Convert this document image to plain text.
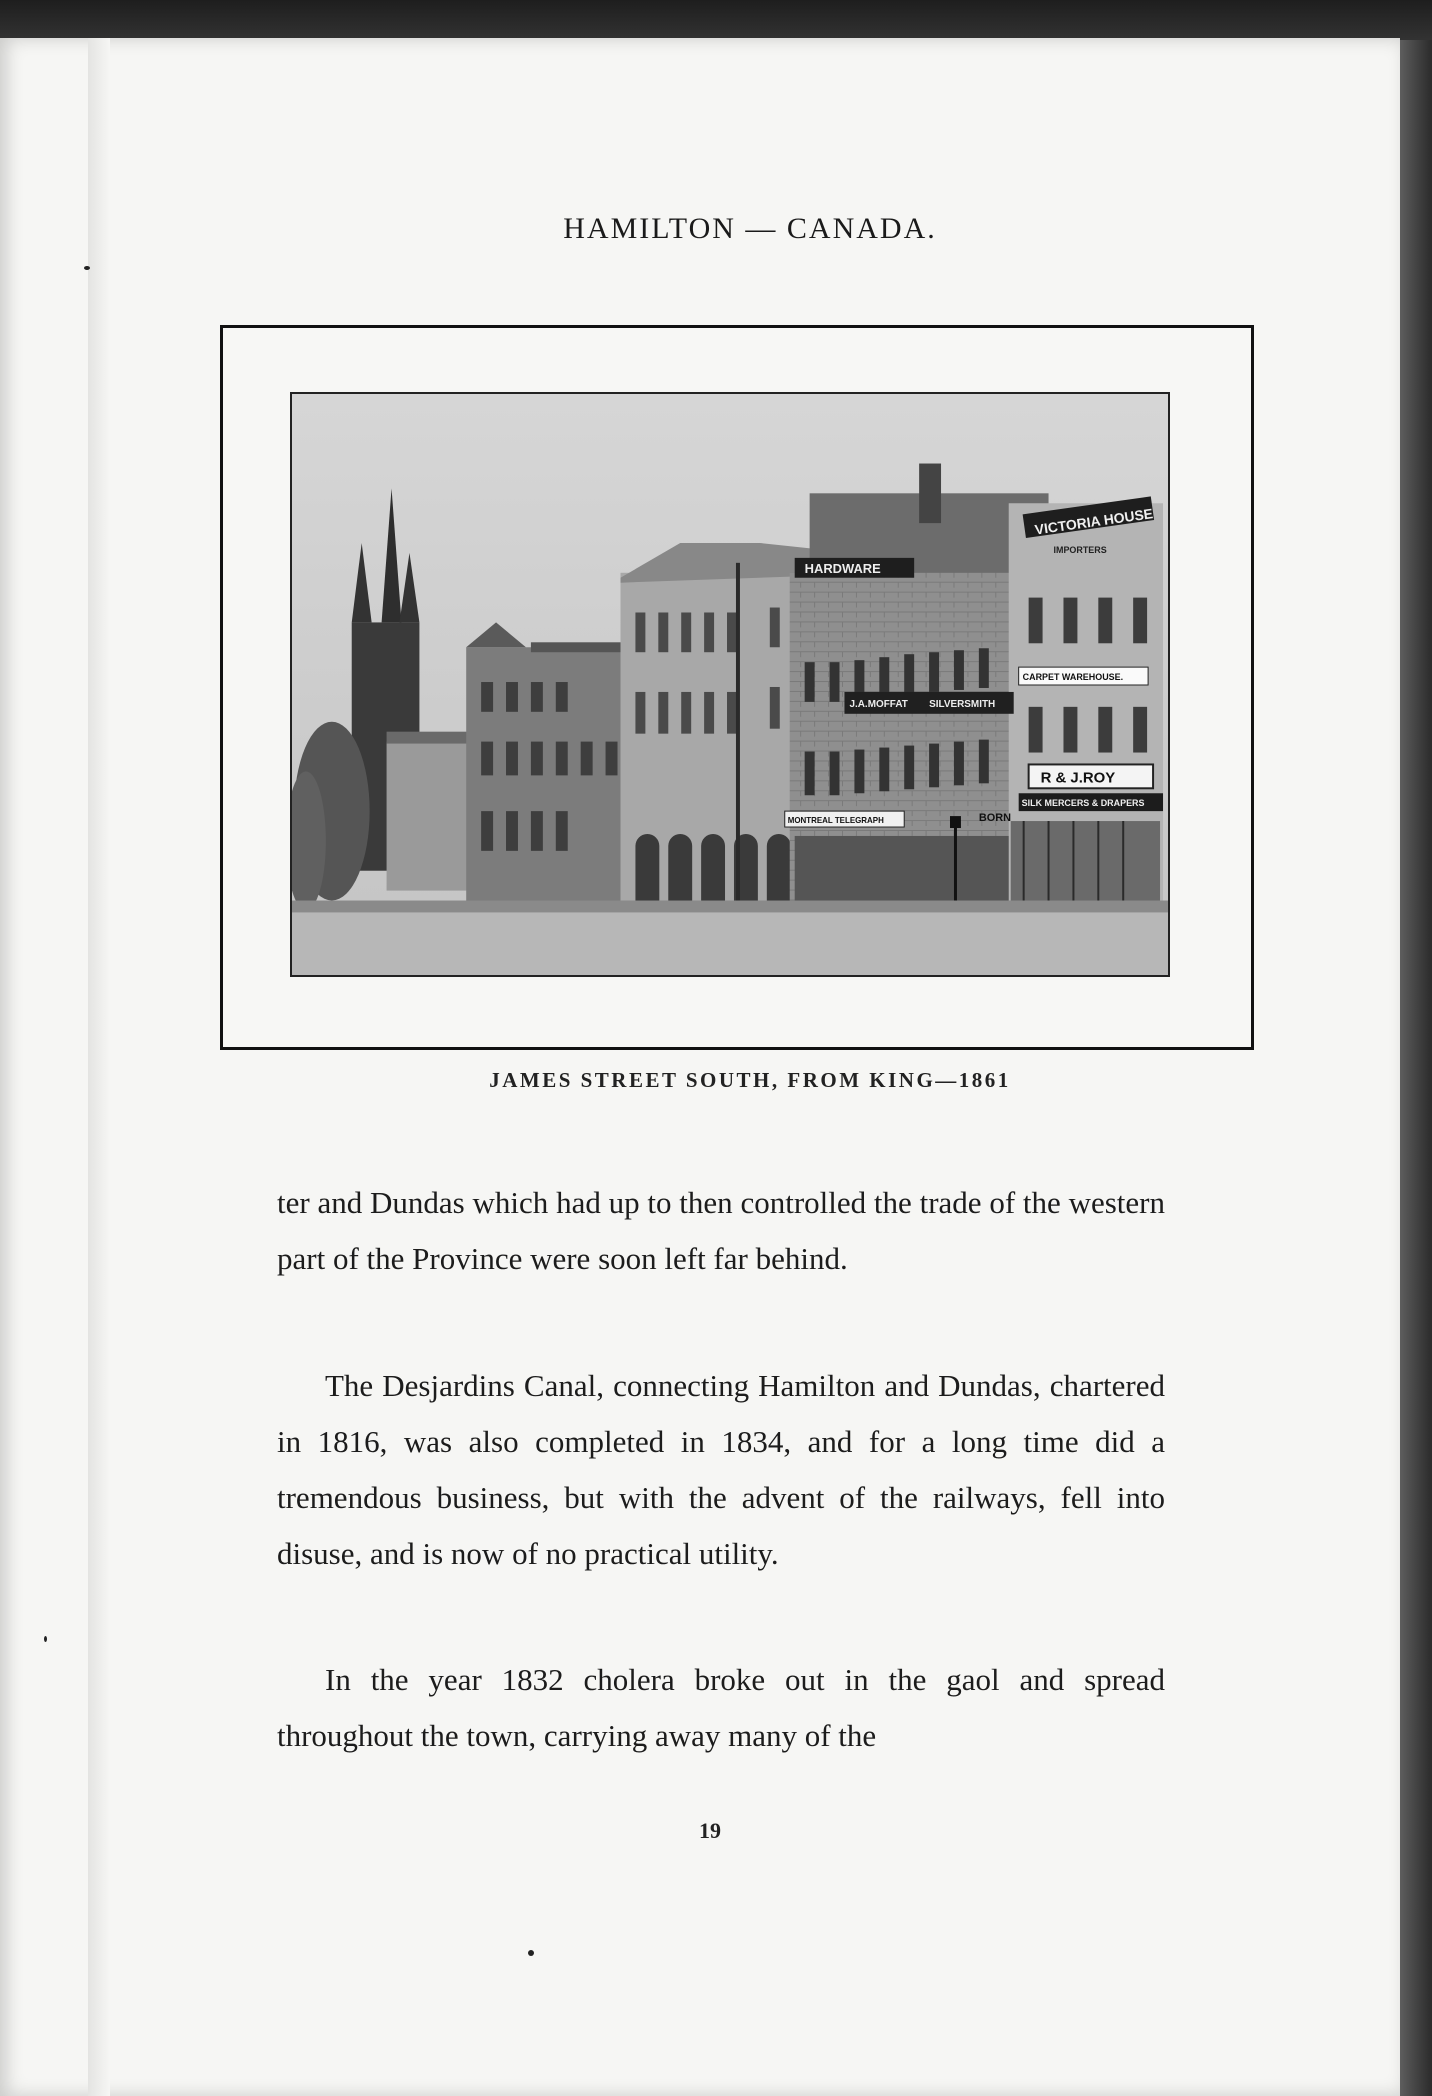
HAMILTON — CANADA.
VICTORIA HOUSE
IMPORTERS
HARDWARE
CARPET WAREHOUSE.
J.A.MOFFAT SILVERSMITH
R & J.ROY
SILK MERCERS & DRAPERS
MONTREAL TELEGRAPH	BORN
JAMES STREET SOUTH, FROM KING—1861

ter and Dundas which had up to then controlled the trade of the western part of the Province were soon left far behind.

The Desjardins Canal, connecting Hamilton and Dundas, chartered in 1816, was also completed in 1834, and for a long time did a tremendous business, but with the advent of the railways, fell into disuse, and is now of no practical utility.

In the year 1832 cholera broke out in the gaol and spread throughout the town, carrying away many of the

19
